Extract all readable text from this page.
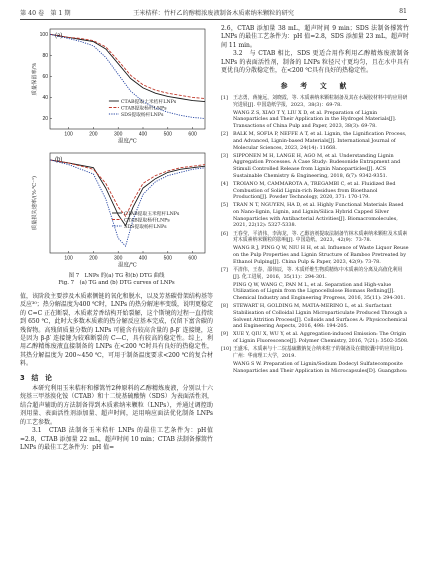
第 40 卷　第 1 期	王米桔样：竹杆乙的醇精浓废液制备木质素纳米颗粒的研究	81
100	200	300	400	500	600
20
40
60
80
100
温度/℃
质量保留率/%
(a)
CTAB提取土米桔杆LNPs
CTAB提取杨杆LNPs
SDS提取杨杆LNPs
100	200	300	400	500	600
温度/℃
质量损失速率/(%·℃⁻¹)
(b)
CTAB提取玉米秸杆LNPs
CTAB提取杨杆LNPs
SDS提取杨杆LNPs
图 7　LNPs 的(a) TG 和(b) DTG 曲线
Fig. 7　(a) TG and (b) DTG curves of LNPs

值，该阶段主要涉及木质素侧链的氧化和脱水，以及芳基碳骨架结构基等反应³⁰；热分解温度为400 ℃时，LNPs 的热分解速率变缓，说明更稳定的 C=C 正在断裂，木质素芳香结构开始裂解，这个斯境的过程一直持续到 650 ℃，此时大多数木质素的热分解反应基本完成，仅留下富含碳的残留物。高残留质量分数的 LNPs 可能含有较高含量的 β-β′ 连接键，这是因为 β-β′ 连接键为较难断裂的 C—C，具有较高的稳定性。综上，利用乙醇精炼废液直接制备的 LNPs 在<200 ℃时具有良好的热稳定性，其热分解温度为 200~450 ℃，可用于制备温度要求<200 ℃的复合材料。

3　结　论

本研究利用玉米秸秆和撑篙竹2种原料的乙醇精炼废液，分别以十六烷基三甲基溴化铵（CTAB）和十二烷基硫酸钠（SDS）为表面活性剂，结合超声辅助的方法制备得到木质素纳米颗粒（LNPs），并通过调控助剂用量、表面活性剂添加量、超声时间，运用响应面法优化制备 LNPs 的工艺参数。

3.1　CTAB 法制备玉米秸秆 LNPs 的最佳工艺条件为：pH值=2.8，CTAB 添加量 22 mL，超声时间 10 min；CTAB 法制备撑篙竹 LNPs 的最佳工艺条件为：pH 值=

2.6，CTAB 添加量 38 mL，超声时间 9 min；SDS 法制备撑篙竹 LNPs 的最佳工艺条件为：pH 值=2.8，SDS 添加量 23 mL，超声时间 11 min。

3.2　与 CTAB 相比，SDS 更适合用作利用乙醇精炼废液制备 LNPs 的表面活性剂，制备的 LNPs 粒径尺寸更均匀，且在水中具有更优良的分散稳定性，在<200 ℃具有良好的热稳定性。

参　考　文　献

[1] 王志勇，蒋施远，刘晓霞，等. 木质素纳米颗粒制备及其在水凝胶材料中的应用研究进展[J]. 中国造纸学报，2023，38(3)：69-78.

WANG Z S, XIAO T Y, LIU X D, et al. Preparation of Lignin Nanoparticles and Their Application in the Hydrogel Materials[J]. Transactions of China Pulp and Paper, 2023, 38(3): 69-78.

[2] BALK M, SOFIA P, NEFFE A T, et al. Lignin, the Lignification Process, and Advanced, Lignin-based Materials[J]. International Journal of Molecular Sciences, 2023, 24(14): 11668.

[3] SIPPONEN M H, LANGE H, AGO M, et al. Understanding Lignin Aggregation Processes. A Case Study: Budesonide Entrapment and Stimuli Controlled Release from Lignin Nanoparticles[J]. ACS Sustainable Chemistry & Engineering, 2018, 6(7): 9342-9351.

[4] TROIANO M, CAMMAROTA A, TREGAMBI C, et al. Fluidized Bed Combustion of Solid Lignin-rich Residues from Bioethanol Production[J]. Powder Technology, 2020, 371: 170-179.

[5] TRAN N T, NGUYEN, HA D, et al. Highly Functional Materials Based on Nano-lignin, Lignin, and Lignin/Silica Hybrid Capped Silver Nanoparticles with Antibacterial Activities[J]. Biomacromolecules, 2021, 22(12): 5327-5338.

[6] 王春莹，平清伟，李海龙，等. 乙醇溶剂提取法制备竹林木质素纳米颗粒及木质素对木质素纳米颗粒的影响[J]. 中国造纸，2023，42(9)：73-78.

WANG R J, PING Q W, NIU H H, et al. Influence of Waste Liquor Reuse on the Pulp Properties and Lignin Structure of Bamboo Pretreated by Ethanol Pulping[J]. China Pulp & Paper, 2023, 42(9): 73-78.

[7] 平清伟，王春，邵伟辰，等. 木质纤维生物质精炼中木质素的分离及高值化利用[J]. 化工进展，2016，35(11)：294-301.

PING Q W, WANG C, PAN M L, et al. Separation and High-value Utilization of Lignin from the Lignocellulose Biomass Refining[J]. Chemical Industry and Engineering Progress, 2016, 35(11): 294-301.

[8] STEWART H, GOLDING M, MATIA-MERINO L, et al. Surfactant Stabilisation of Colloidal Lignin Microparticulate Produced Through a Solvent Attrition Process[J]. Colloids and Surfaces A: Physicochemical and Engineering Aspects, 2016, 498: 194-205.

[9] XUE Y, QIU X, WU Y, et al. Aggregation-induced Emission: The Origin of Lignin Fluorescence[J]. Polymer Chemistry, 2016, 7(21): 3502-3508.

[10] 王盛禾，木质素与十二烷基硫酸钠复合纳米粒子的制备及在微胶囊中的应用[D]. 广州：华南理工大学，2019.

WANG S W. Preparation of Lignin/Sodium Dodecyl Sulfatecomposite Nanoparticles and Their Application in Microcapsules[D]. Guangzhou:
